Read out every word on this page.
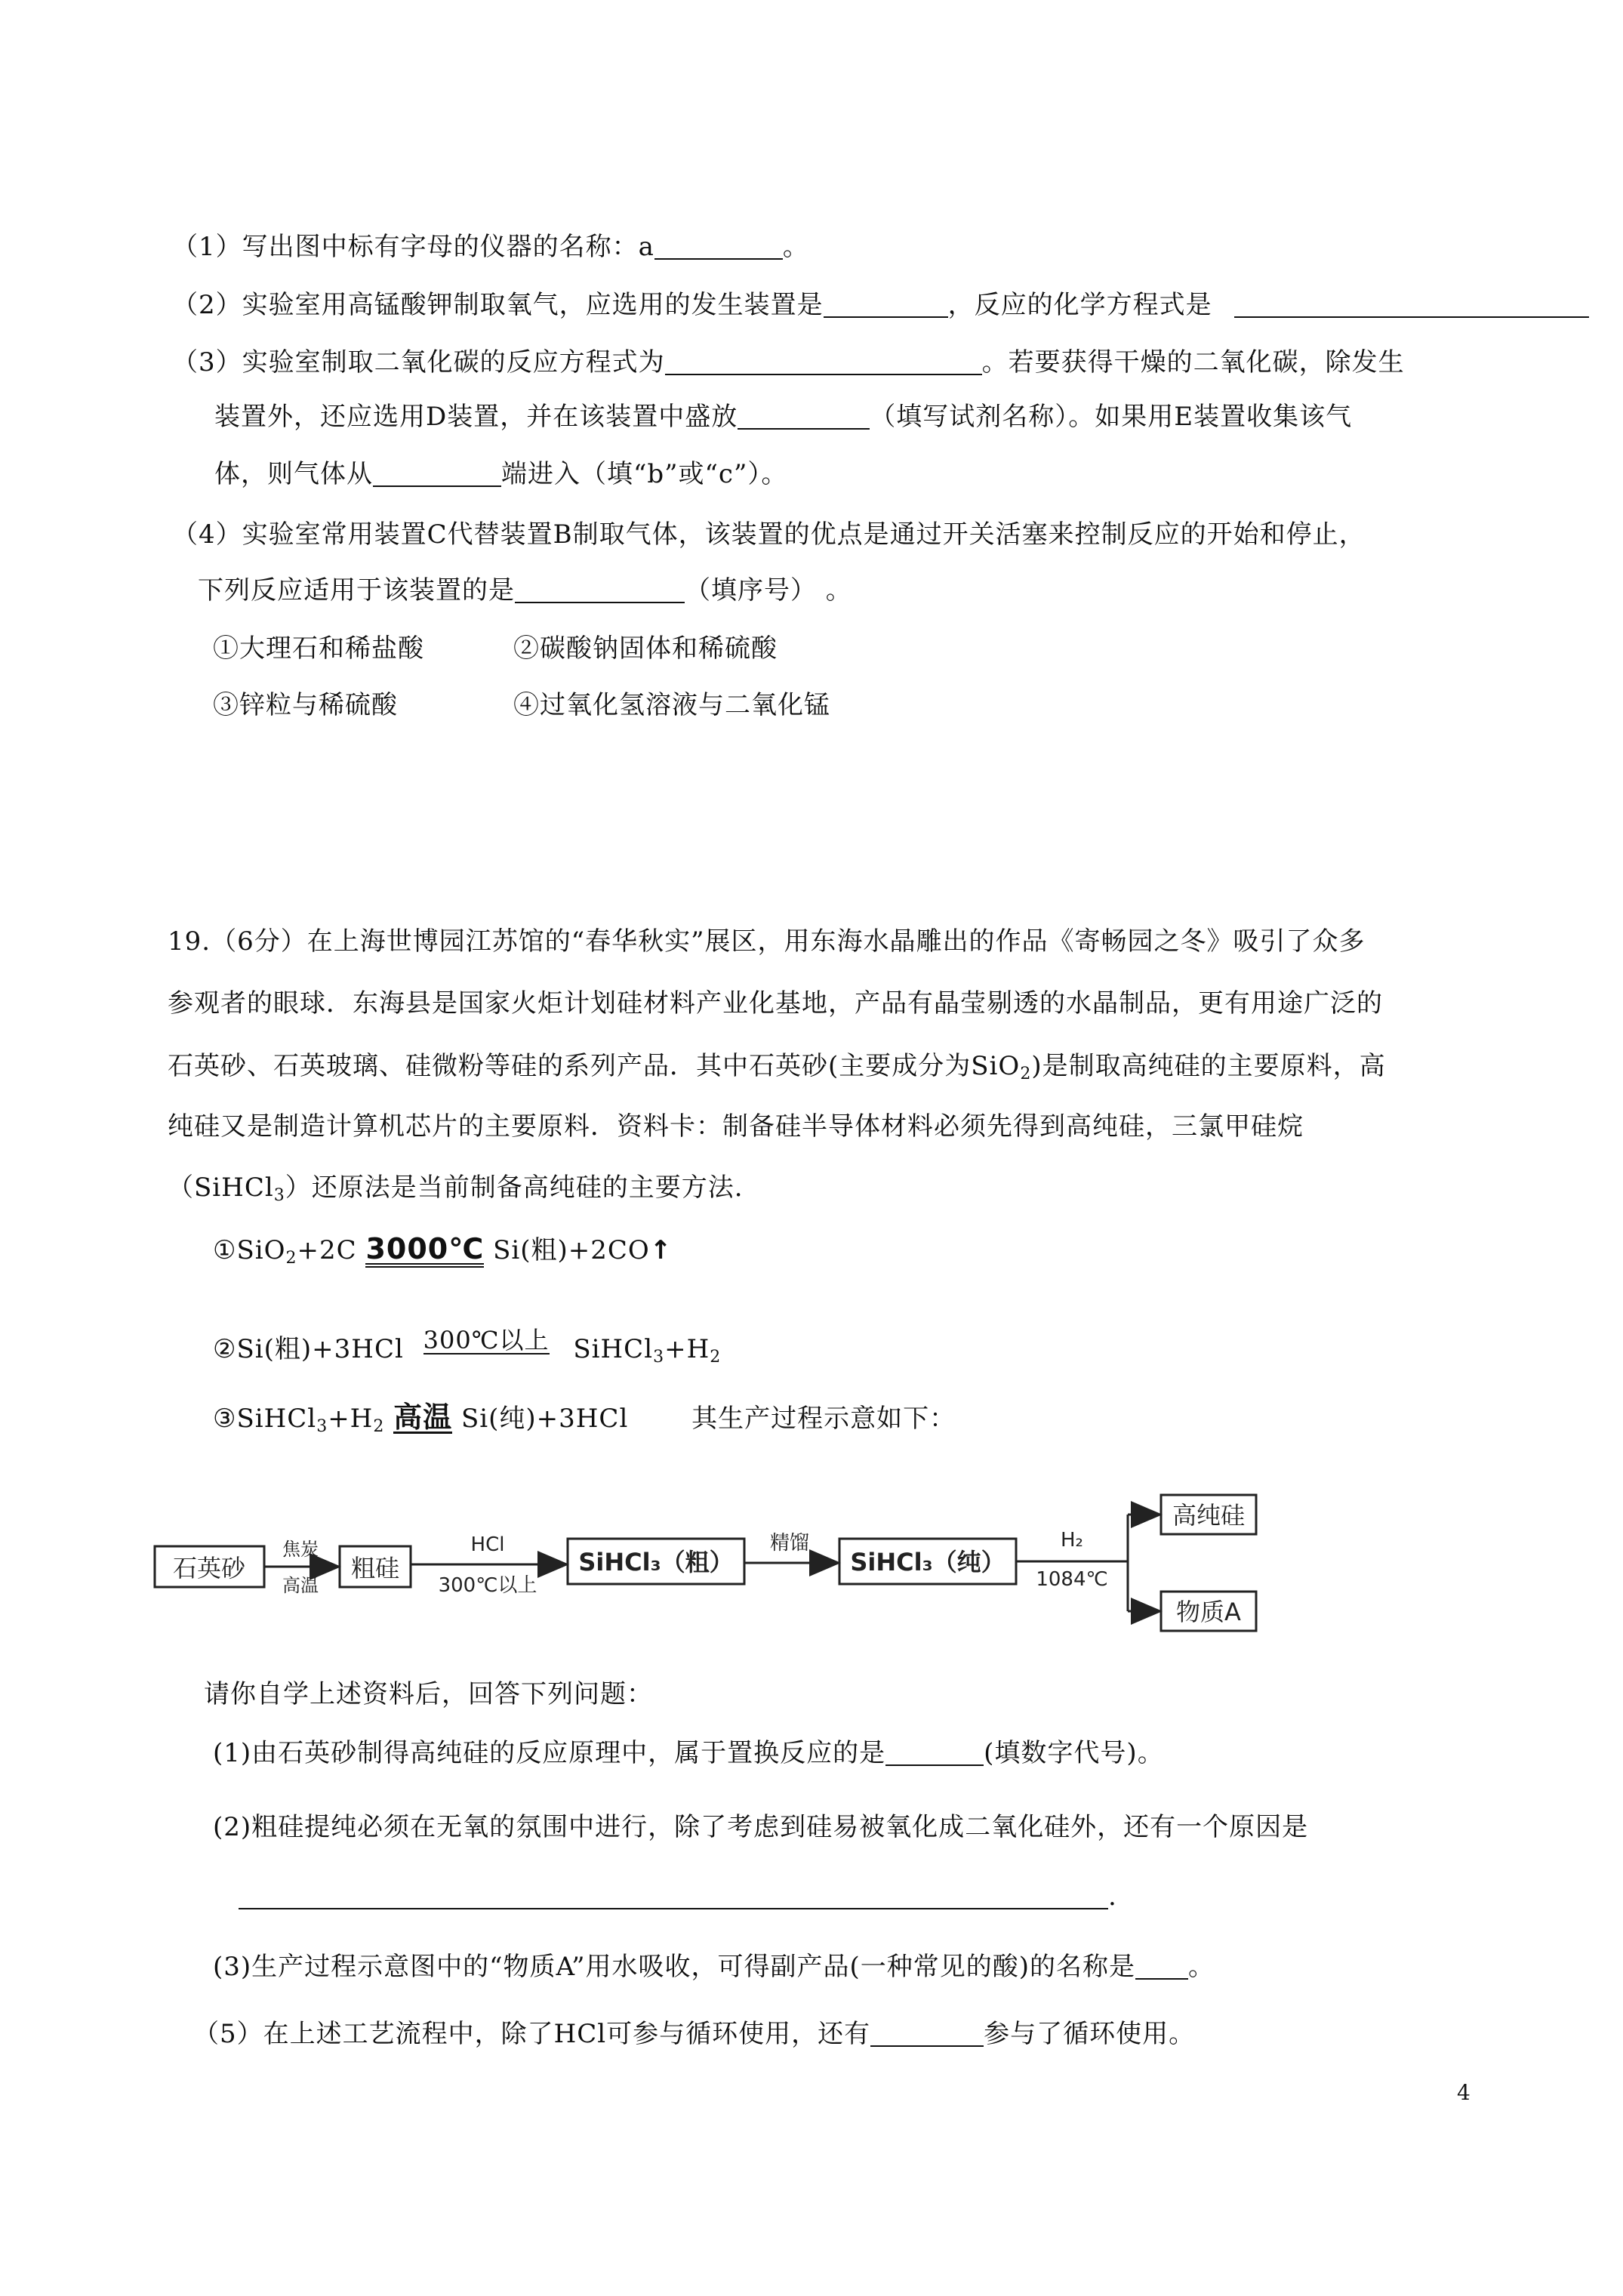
（1）写出图中标有字母的仪器的名称：a	。
（2）实验室用高锰酸钾制取氧气，应选用的发生装置是	，反应的化学方程式是
（3）实验室制取二氧化碳的反应方程式为	。若要获得干燥的二氧化碳，除发生
装置外，还应选用D装置，并在该装置中盛放	（填写试剂名称）。如果用E装置收集该气
体，则气体从	端进入（填“b”或“c”）。
（4）实验室常用装置C代替装置B制取气体，该装置的优点是通过开关活塞来控制反应的开始和停止，
下列反应适用于该装置的是	（填序号） 。
①大理石和稀盐酸	②碳酸钠固体和稀硫酸
③锌粒与稀硫酸	④过氧化氢溶液与二氧化锰
19.（6分）在上海世博园江苏馆的“春华秋实”展区，用东海水晶雕出的作品《寄畅园之冬》吸引了众多
参观者的眼球．东海县是国家火炬计划硅材料产业化基地，产品有晶莹剔透的水晶制品，更有用途广泛的
石英砂、石英玻璃、硅微粉等硅的系列产品．其中石英砂(主要成分为SiO$_2$)是制取高纯硅的主要原料，高
纯硅又是制造计算机芯片的主要原料．资料卡：制备硅半导体材料必须先得到高纯硅，三氯甲硅烷
（SiHCl$_3$）还原法是当前制备高纯硅的主要方法.
①SiO$_2$+2C 3000℃ Si(粗)+2CO↑
②Si(粗)+3HCl 300℃以上 $SiHCl_3+H_2$
$③SiHCl_3+H_2$ 高温 Si(纯)+3HCl 其生产过程示意如下：
石英砂
焦炭
高温
粗硅
HCl
300℃以上
SiHCl₃（粗）
精馏
SiHCl₃（纯）
H₂
1084℃
高纯硅
物质A
请你自学上述资料后，回答下列问题：
(1)由石英砂制得高纯硅的反应原理中，属于置换反应的是	(填数字代号)。
(2)粗硅提纯必须在无氧的氛围中进行，除了考虑到硅易被氧化成二氧化硅外，还有一个原因是
.
(3)生产过程示意图中的“物质A”用水吸收，可得副产品(一种常见的酸)的名称是 。
（5）在上述工艺流程中，除了HCl可参与循环使用，还有	参与了循环使用。
4
